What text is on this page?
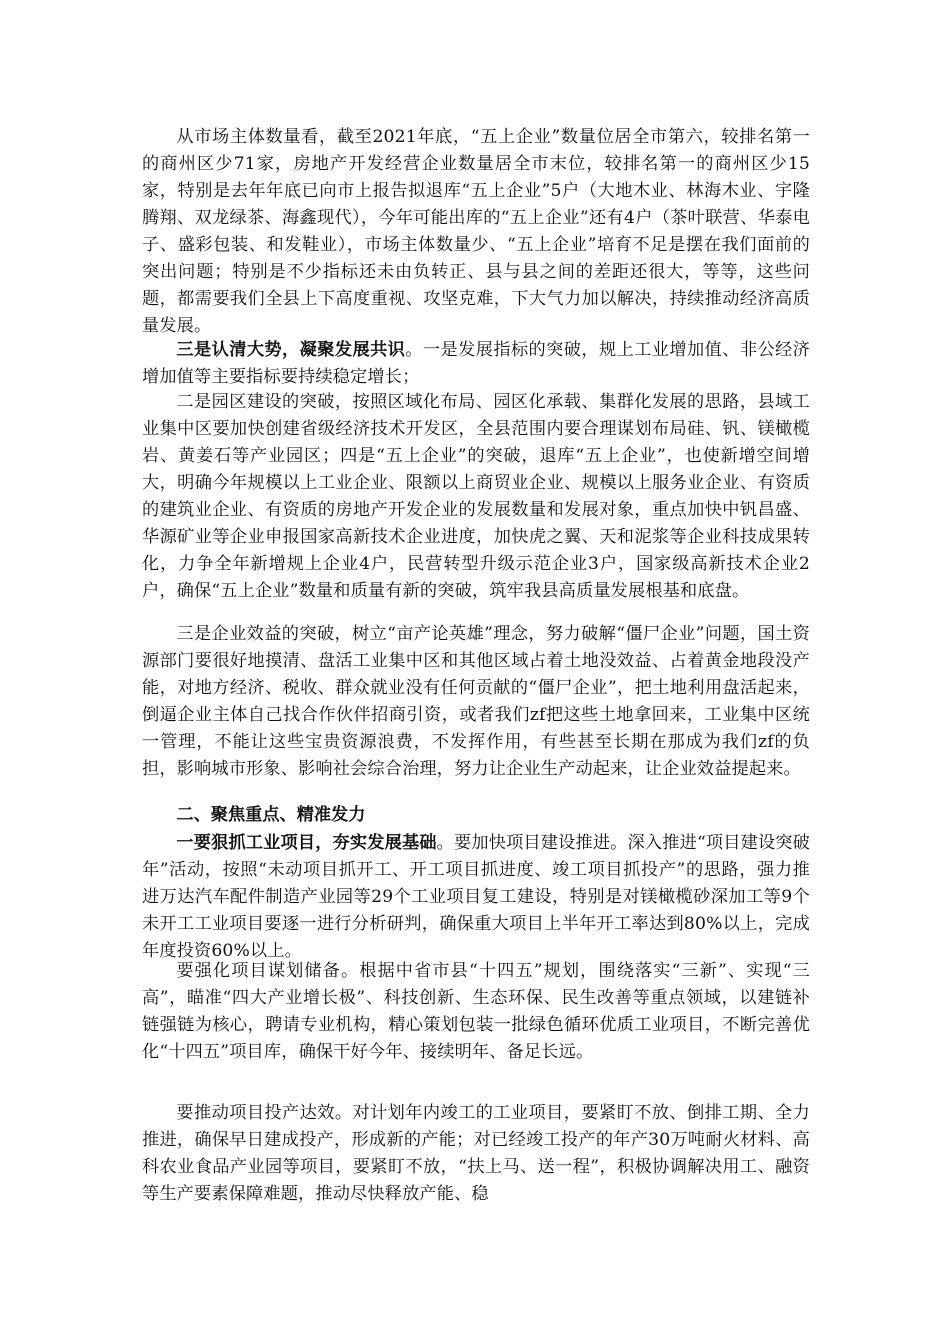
从市场主体数量看，截至2021年底，“五上企业”数量位居全市第六，较排名第一的商州区少71家，房地产开发经营企业数量居全市末位，较排名第一的商州区少15家，特别是去年年底已向市上报告拟退库“五上企业”5户（大地木业、林海木业、宇隆腾翔、双龙绿茶、海鑫现代），今年可能出库的“五上企业”还有4户（茶叶联营、华泰电子、盛彩包装、和发鞋业），市场主体数量少、“五上企业”培育不足是摆在我们面前的突出问题；特别是不少指标还未由负转正、县与县之间的差距还很大，等等，这些问题，都需要我们全县上下高度重视、攻坚克难，下大气力加以解决，持续推动经济高质量发展。

三是认清大势，凝聚发展共识。一是发展指标的突破，规上工业增加值、非公经济增加值等主要指标要持续稳定增长；

二是园区建设的突破，按照区域化布局、园区化承载、集群化发展的思路，县域工业集中区要加快创建省级经济技术开发区，全县范围内要合理谋划布局硅、钒、镁橄榄岩、黄姜石等产业园区；四是“五上企业”的突破，退库“五上企业”，也使新增空间增大，明确今年规模以上工业企业、限额以上商贸业企业、规模以上服务业企业、有资质的建筑业企业、有资质的房地产开发企业的发展数量和发展对象，重点加快中钒昌盛、华源矿业等企业申报国家高新技术企业进度，加快虎之翼、天和泥浆等企业科技成果转化，力争全年新增规上企业4户，民营转型升级示范企业3户，国家级高新技术企业2户，确保“五上企业”数量和质量有新的突破，筑牢我县高质量发展根基和底盘。

三是企业效益的突破，树立“亩产论英雄”理念，努力破解“僵尸企业”问题，国土资源部门要很好地摸清、盘活工业集中区和其他区域占着土地没效益、占着黄金地段没产能，对地方经济、税收、群众就业没有任何贡献的“僵尸企业”，把土地利用盘活起来，倒逼企业主体自己找合作伙伴招商引资，或者我们zf把这些土地拿回来，工业集中区统一管理，不能让这些宝贵资源浪费，不发挥作用，有些甚至长期在那成为我们zf的负担，影响城市形象、影响社会综合治理，努力让企业生产动起来，让企业效益提起来。

二、聚焦重点、精准发力

一要狠抓工业项目，夯实发展基础。要加快项目建设推进。深入推进“项目建设突破年”活动，按照“未动项目抓开工、开工项目抓进度、竣工项目抓投产”的思路，强力推进万达汽车配件制造产业园等29个工业项目复工建设，特别是对镁橄榄砂深加工等9个未开工工业项目要逐一进行分析研判，确保重大项目上半年开工率达到80%以上，完成年度投资60%以上。

要强化项目谋划储备。根据中省市县“十四五”规划，围绕落实“三新”、实现“三高”，瞄准“四大产业增长极”、科技创新、生态环保、民生改善等重点领域，以建链补链强链为核心，聘请专业机构，精心策划包装一批绿色循环优质工业项目，不断完善优化“十四五”项目库，确保干好今年、接续明年、备足长远。

要推动项目投产达效。对计划年内竣工的工业项目，要紧盯不放、倒排工期、全力推进，确保早日建成投产，形成新的产能；对已经竣工投产的年产30万吨耐火材料、高科农业食品产业园等项目，要紧盯不放，“扶上马、送一程”，积极协调解决用工、融资等生产要素保障难题，推动尽快释放产能、稳
